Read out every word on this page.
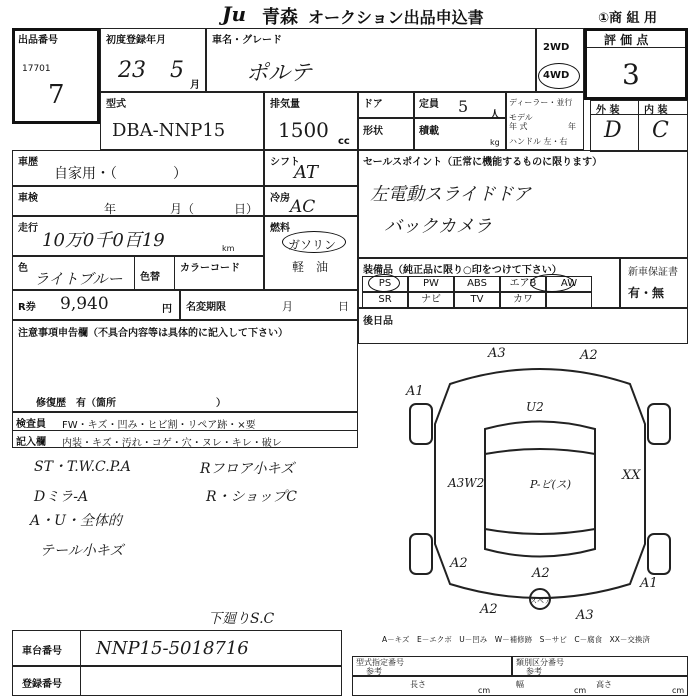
Ju 青森 オークション出品申込書	①商 組 用
出品番号
17701
7
初度登録年月
23 5
月
車名・グレード
ポルテ
2WD
4WD
評 価 点
3
型式
DBA-NNP15
排気量
1500 cc
ドア	定員 5 人
ディーラー・並行
モデル
年 式	年
ハンドル 左・右
形状	積載
kg
外 装 内 装
D C
車歴
自家用・（　　　　）
シフト
AT	セールスポイント（正常に機能するものに限ります）
左電動スライドドア
バックカメラ
車検
年	月（	日）
冷房 AC
走行
10万0千0百19	km
燃料
ガソリン
軽　油
色
ライトブルー 色替
カラーコード	装備品（純正品に限り○印をつけて下さい）
PS	PW	ABS	エアB	AW
SR	ナビ	TV	カワ
新車保証書
有・無
R券 9,940	円 名変期限	月	日
後日品
注意事項申告欄（不具合内容等は具体的に記入して下さい）
修復歴　有（箇所　　　　　　　　　　）
検査員
記入欄
FW・キズ・凹み・ヒビ割・リペア跡・×要
内装・キズ・汚れ・コゲ・穴・ヌレ・キレ・破レ
ST・T.W.C.P.A
Dミラ-A
A・U・全体的
テール小キズ
Rフロア小キズ
R・ショップC
下廻りS.C
A3	A2
A1
U2
A3W2	P-ビ(ス)
XX
A2
A2
A2	A3
A1
スペア
A－キズ　E－エクボ　U－凹み　W－補修跡　S－サビ　C－腐食　XX－交換済
車台番号 NNP15-5018716
登録番号
型式指定番号
参考
類別区分番号
参考
長さ
cm
幅
cm
高さ
cm
